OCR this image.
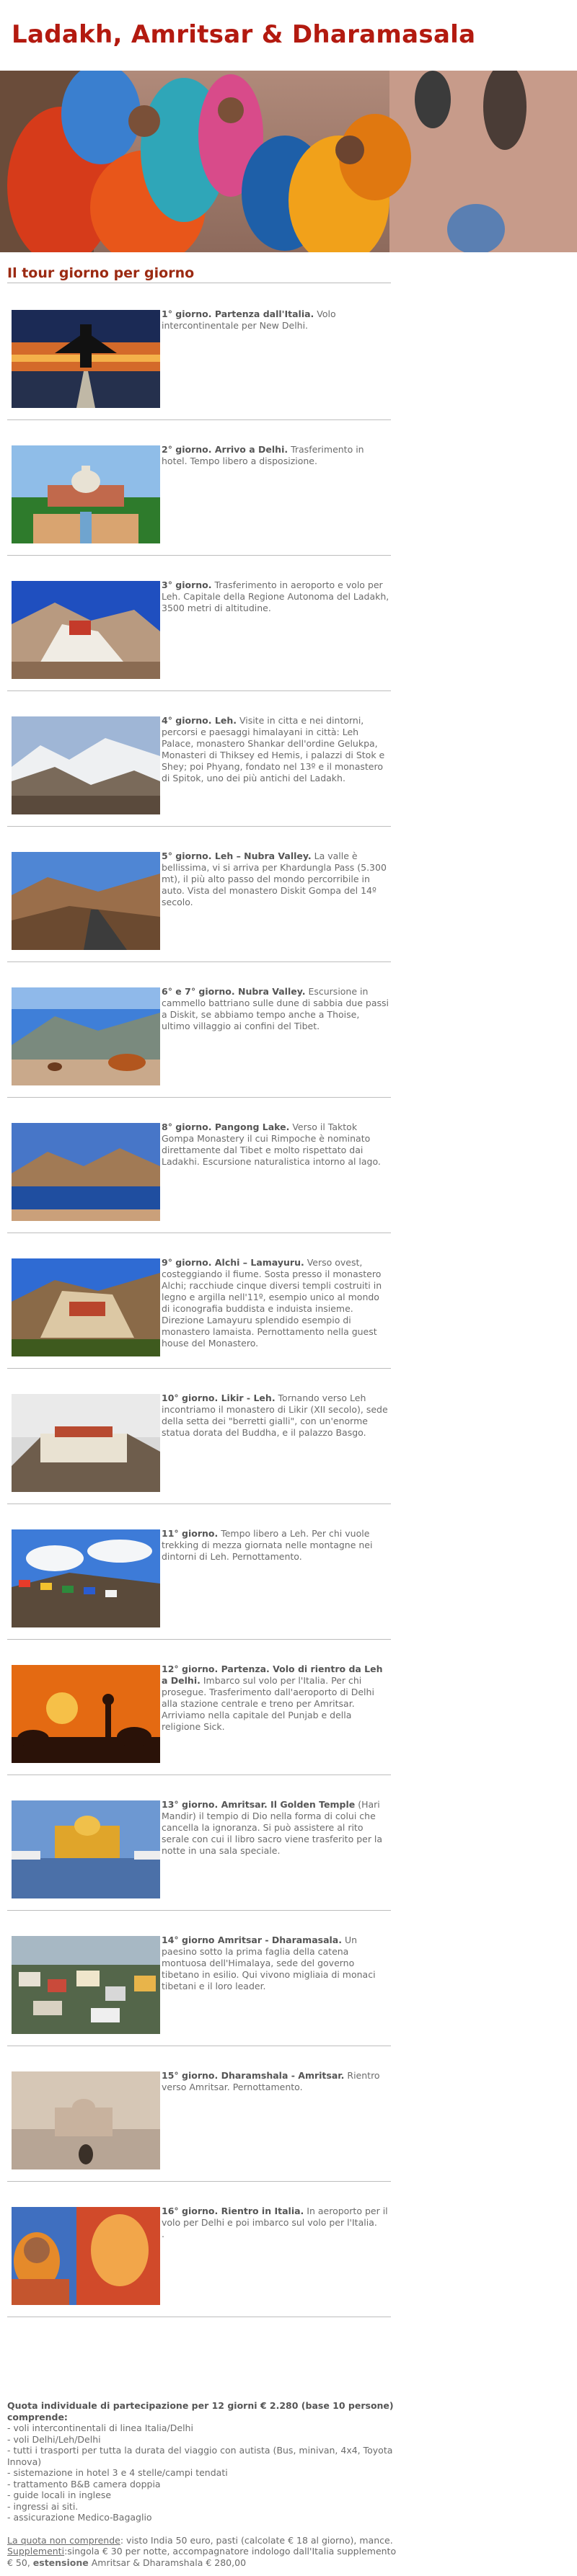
Ladakh, Amritsar & Dharamasala
Il tour giorno per giorno
1° giorno. Partenza dall'Italia. Volo intercontinentale per New Delhi.
2° giorno. Arrivo a Delhi. Trasferimento in hotel. Tempo libero a disposizione.
3° giorno. Trasferimento in aeroporto e volo per Leh. Capitale della Regione Autonoma del Ladakh, 3500 metri di altitudine.
4° giorno. Leh. Visite in citta e nei dintorni, percorsi e paesaggi himalayani in città: Leh Palace, monastero Shankar dell'ordine Gelukpa, Monasteri di Thiksey ed Hemis, i palazzi di Stok e Shey; poi Phyang, fondato nel 13º e il monastero di Spitok, uno dei più antichi del Ladakh.
5° giorno. Leh – Nubra Valley. La valle è bellissima, vi si arriva per Khardungla Pass (5.300 mt), il più alto passo del mondo percorribile in auto. Vista del monastero Diskit Gompa del 14º secolo.
6° e 7° giorno. Nubra Valley. Escursione in cammello battriano sulle dune di sabbia due passi a Diskit, se abbiamo tempo anche a Thoise, ultimo villaggio ai confini del Tibet.
8° giorno. Pangong Lake. Verso il Taktok Gompa Monastery il cui Rimpoche è nominato direttamente dal Tibet e molto rispettato dai Ladakhi. Escursione naturalistica intorno al lago.
9° giorno. Alchi – Lamayuru. Verso ovest, costeggiando il fiume. Sosta presso il monastero Alchi; racchiude cinque diversi templi costruiti in legno e argilla nell'11º, esempio unico al mondo di iconografia buddista e induista insieme. Direzione Lamayuru splendido esempio di monastero lamaista. Pernottamento nella guest house del Monastero.
10° giorno. Likir - Leh. Tornando verso Leh incontriamo il monastero di Likir (XII secolo), sede della setta dei "berretti gialli", con un'enorme statua dorata del Buddha, e il palazzo Basgo.
11° giorno. Tempo libero a Leh. Per chi vuole trekking di mezza giornata nelle montagne nei dintorni di Leh. Pernottamento.
12° giorno. Partenza. Volo di rientro da Leh a Delhi. Imbarco sul volo per l'Italia. Per chi prosegue. Trasferimento dall'aeroporto di Delhi alla stazione centrale e treno per Amritsar. Arriviamo nella capitale del Punjab e della religione Sick.
13° giorno. Amritsar. Il Golden Temple (Hari Mandir) il tempio di Dio nella forma di colui che cancella la ignoranza. Si può assistere al rito serale con cui il libro sacro viene trasferito per la notte in una sala speciale.
14° giorno Amritsar - Dharamasala. Un paesino sotto la prima faglia della catena montuosa dell'Himalaya, sede del governo tibetano in esilio. Qui vivono migliaia di monaci tibetani e il loro leader.
15° giorno. Dharamshala - Amritsar. Rientro verso Amritsar. Pernottamento.
16° giorno. Rientro in Italia. In aeroporto per il volo per Delhi e poi imbarco sul volo per l'Italia.
.
Quota individuale di partecipazione per 12 giorni € 2.280 (base 10 persone) comprende:
- voli intercontinentali di linea Italia/Delhi
- voli Delhi/Leh/Delhi
- tutti i trasporti per tutta la durata del viaggio con autista (Bus, minivan, 4x4, Toyota Innova)
- sistemazione in hotel 3 e 4 stelle/campi tendati
- trattamento B&B camera doppia
- guide locali in inglese
- ingressi ai siti.
- assicurazione Medico-Bagaglio
La quota non comprende: visto India 50 euro, pasti (calcolate € 18 al giorno), mance. Supplementi:singola € 30 per notte, accompagnatore indologo dall'Italia supplemento € 50, estensione Amritsar & Dharamshala € 280,00
